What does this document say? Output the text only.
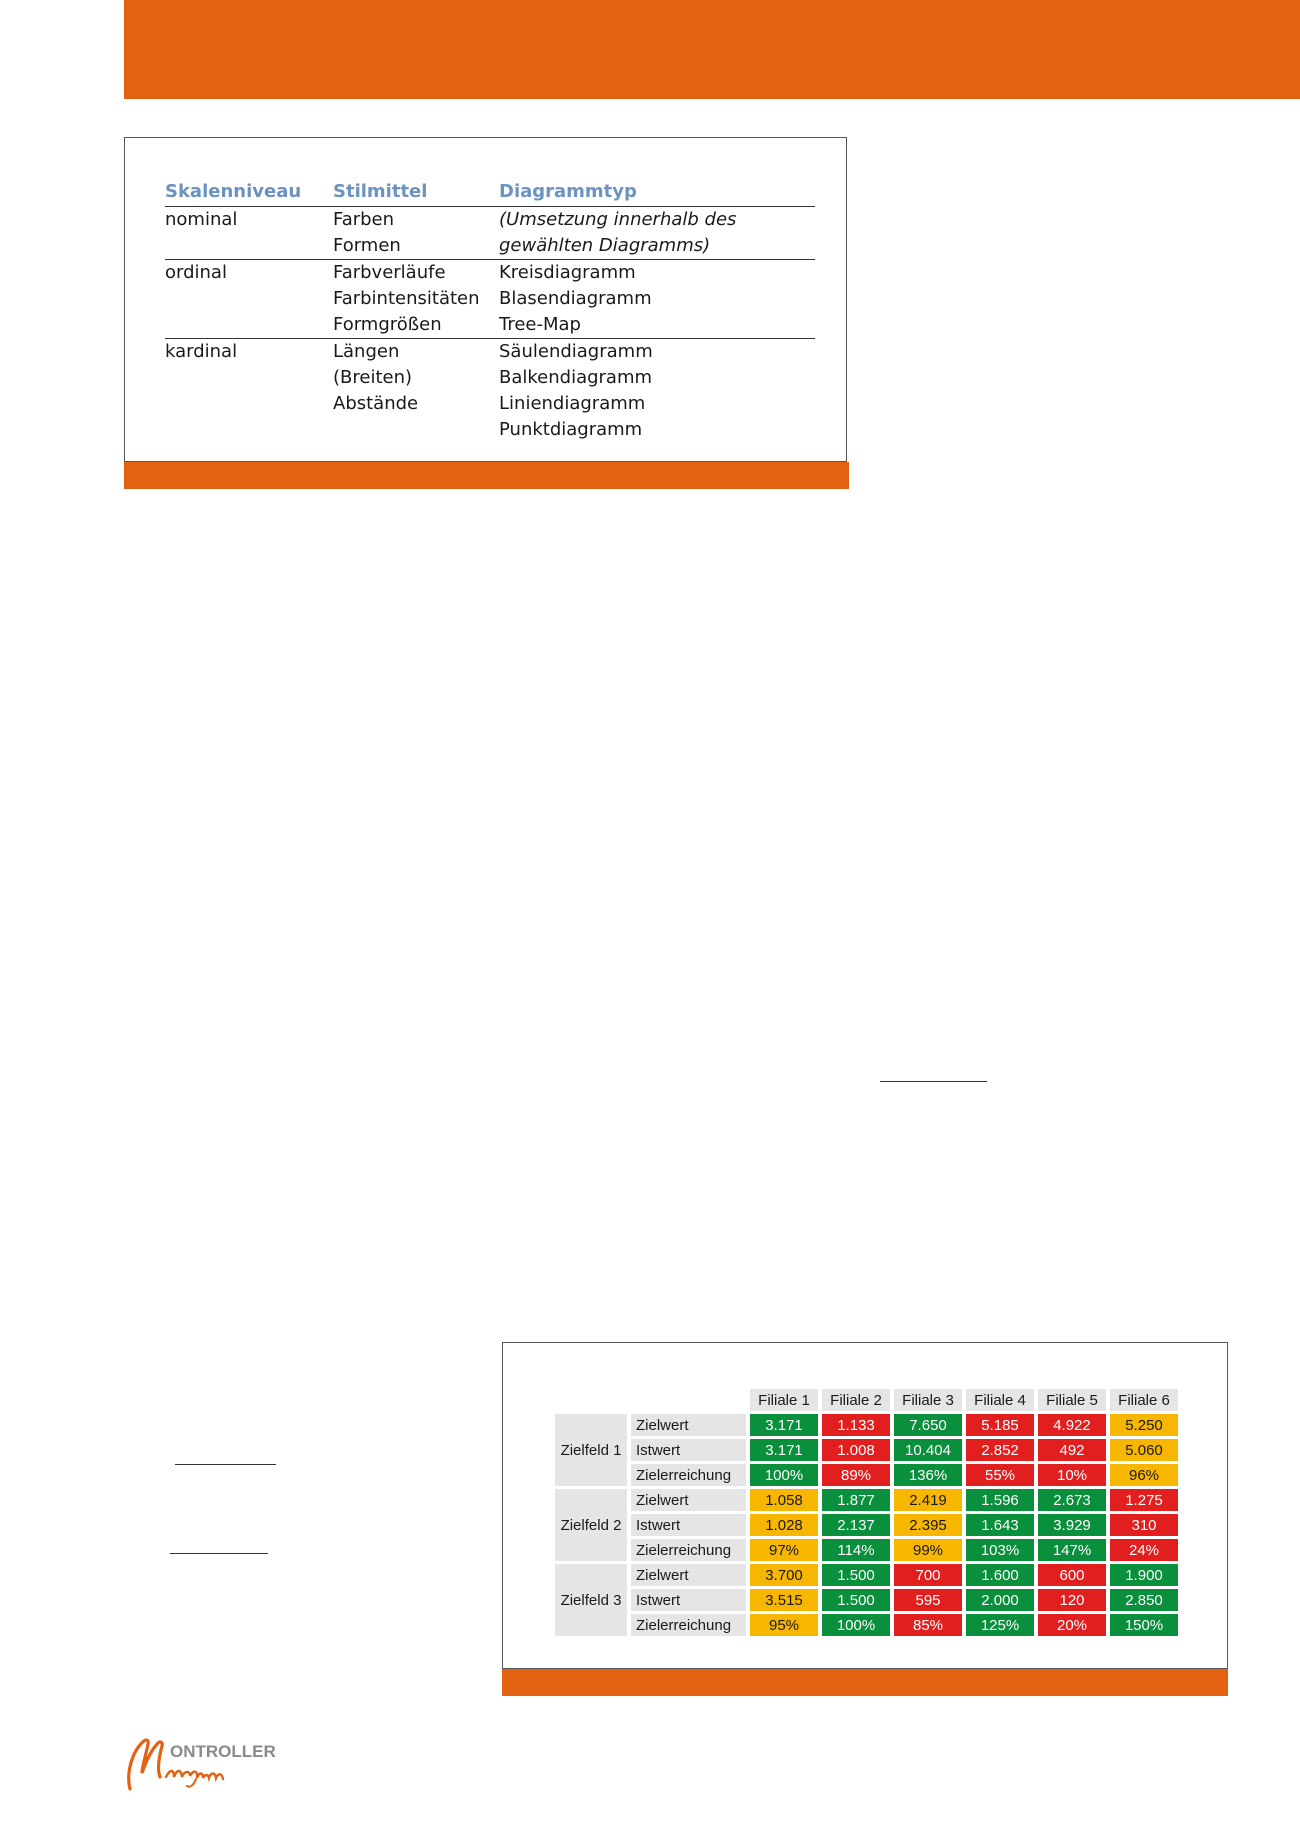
Skalenniveau	Stilmittel	Diagrammtyp
nominal	Farben	(Umsetzung innerhalb des
	Formen	gewählten Diagramms)
ordinal	Farbverläufe	Kreisdiagramm
	Farbintensitäten	Blasendiagramm
	Formgrößen	Tree-Map
kardinal	Längen	Säulendiagramm
	(Breiten)	Balkendiagramm
	Abstände	Liniendiagramm
		Punktdiagramm
		Filiale 1	Filiale 2	Filiale 3	Filiale 4	Filiale 5	Filiale 6
Zielfeld 1	Zielwert	3.171	1.133	7.650	5.185	4.922	5.250
	Istwert	3.171	1.008	10.404	2.852	492	5.060
	Zielerreichung	100%	89%	136%	55%	10%	96%
Zielfeld 2	Zielwert	1.058	1.877	2.419	1.596	2.673	1.275
	Istwert	1.028	2.137	2.395	1.643	3.929	310
	Zielerreichung	97%	114%	99%	103%	147%	24%
Zielfeld 3	Zielwert	3.700	1.500	700	1.600	600	1.900
	Istwert	3.515	1.500	595	2.000	120	2.850
	Zielerreichung	95%	100%	85%	125%	20%	150%
ONTROLLER
